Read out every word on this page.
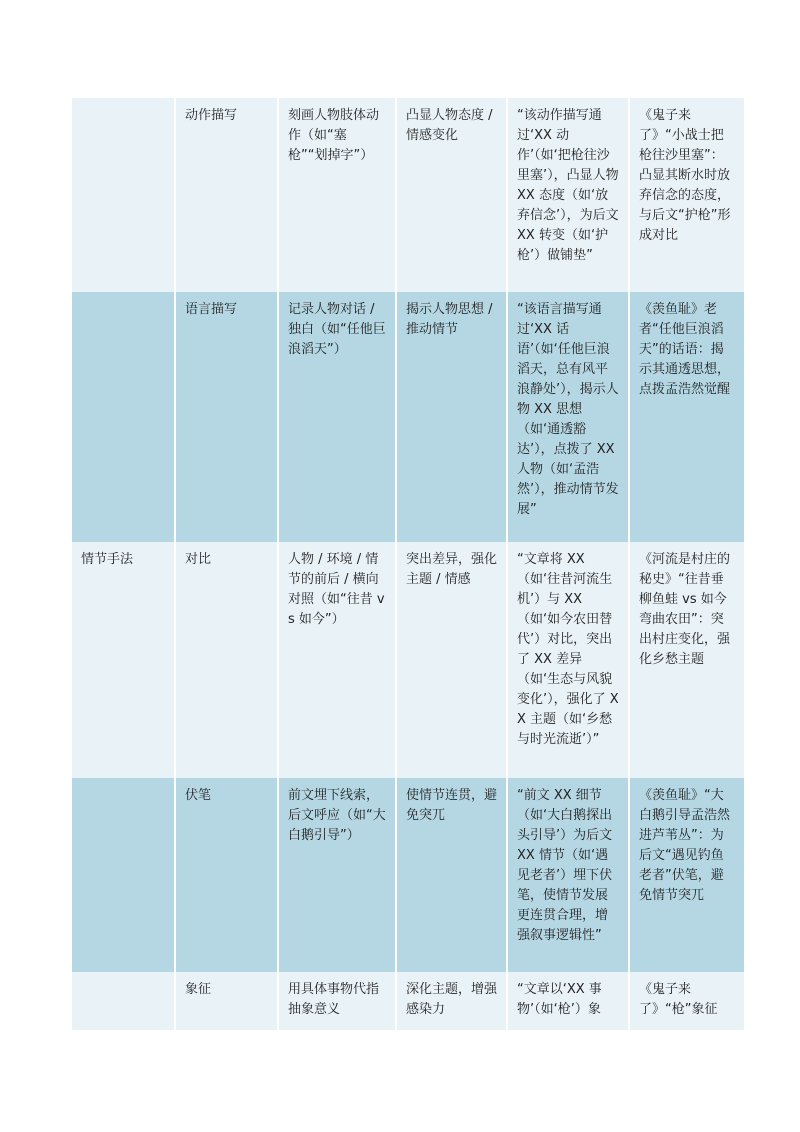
	动作描写	刻画人物肢体动作（如“塞枪”“划掉字”）	凸显人物态度 / 情感变化	“该动作描写通过‘XX 动作’（如‘把枪往沙里塞’），凸显人物 XX 态度（如‘放弃信念’），为后文 XX 转变（如‘护枪’）做铺垫”	《鬼子来了》“小战士把枪往沙里塞”：凸显其断水时放弃信念的态度，与后文“护枪”形成对比
	语言描写	记录人物对话 / 独白（如“任他巨浪滔天”）	揭示人物思想 / 推动情节	“该语言描写通过‘XX 话语’（如‘任他巨浪滔天，总有风平浪静处’），揭示人物 XX 思想（如‘通透豁达’），点拨了 XX 人物（如‘孟浩然’），推动情节发展”	《羡鱼耻》老者“任他巨浪滔天”的话语：揭示其通透思想，点拨孟浩然觉醒
情节手法	对比	人物 / 环境 / 情节的前后 / 横向对照（如“往昔 vs 如今”）	突出差异，强化主题 / 情感	“文章将 XX（如‘往昔河流生机’）与 XX（如‘如今农田替代’）对比，突出了 XX 差异（如‘生态与风貌变化’），强化了 XX 主题（如‘乡愁与时光流逝’）”	《河流是村庄的秘史》“往昔垂柳鱼蛙 vs 如今弯曲农田”：突出村庄变化，强化乡愁主题
	伏笔	前文埋下线索，后文呼应（如“大白鹅引导”）	使情节连贯，避免突兀	“前文 XX 细节（如‘大白鹅探出头引导’）为后文 XX 情节（如‘遇见老者’）埋下伏笔，使情节发展更连贯合理，增强叙事逻辑性”	《羡鱼耻》“大白鹅引导孟浩然进芦苇丛”：为后文“遇见钓鱼老者”伏笔，避免情节突兀
	象征	用具体事物代指抽象意义	深化主题，增强感染力	“文章以‘XX 事物’（如‘枪’）象	《鬼子来了》“枪”象征
